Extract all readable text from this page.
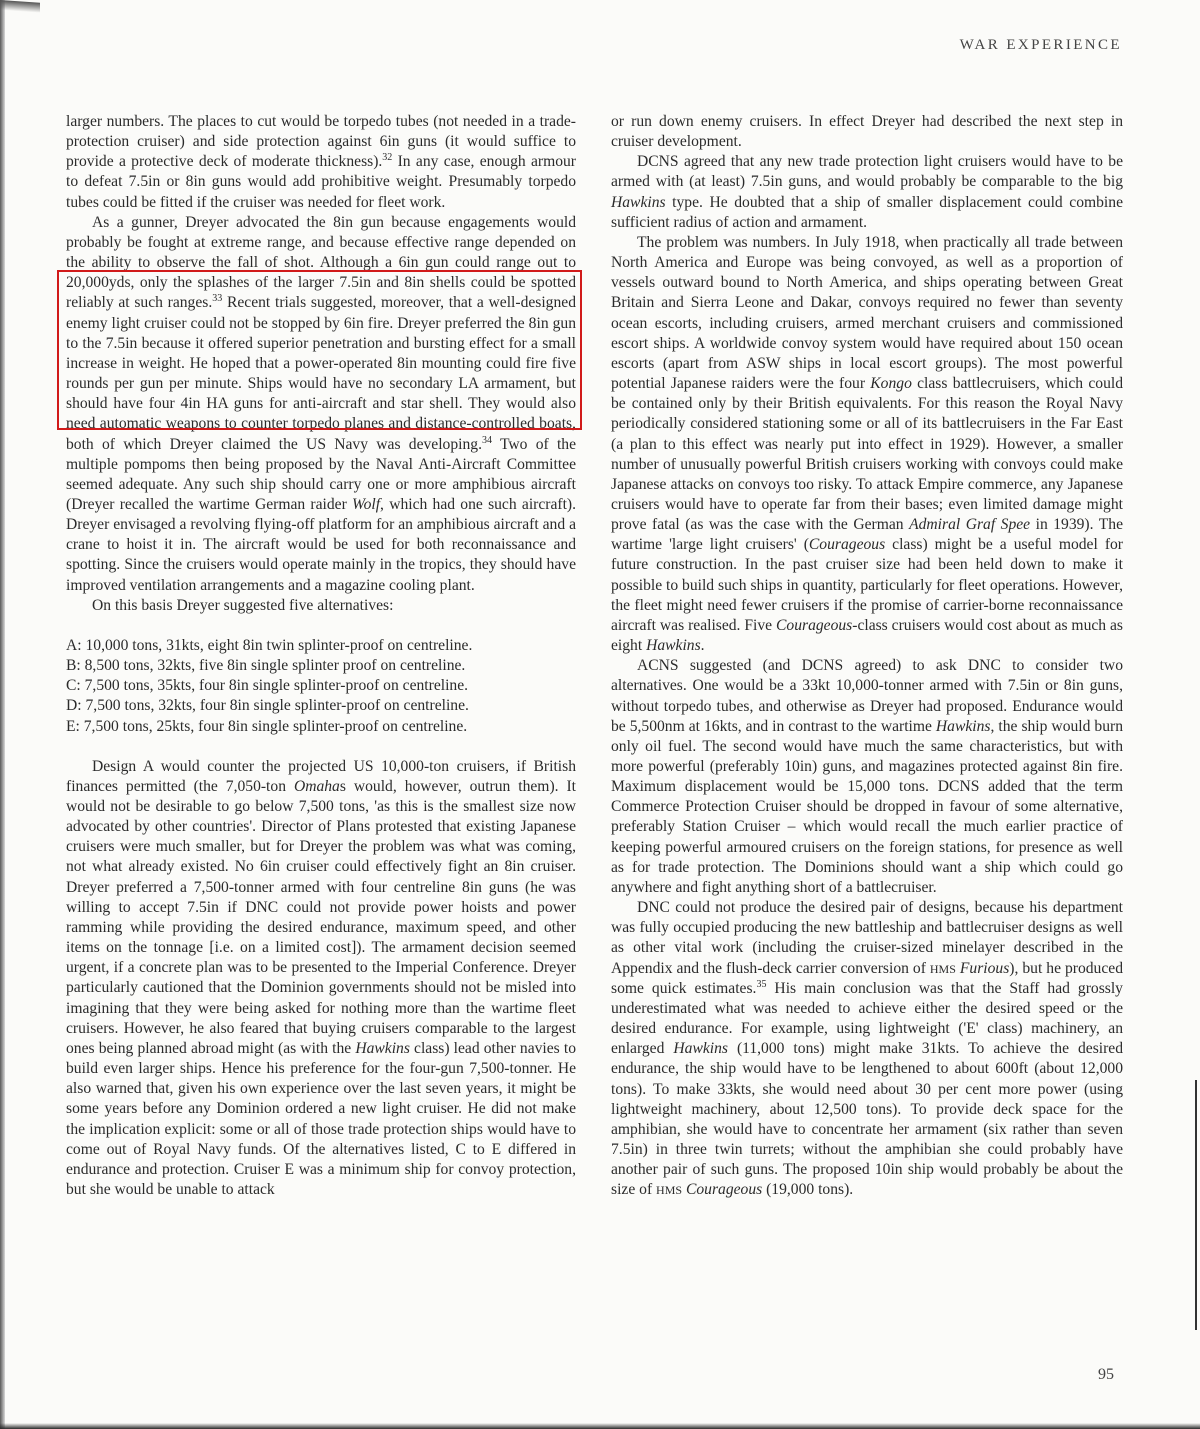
WAR EXPERIENCE

larger numbers. The places to cut would be torpedo tubes (not needed in a trade-protection cruiser) and side protection against 6in guns (it would suffice to provide a protective deck of moderate thickness).$^{32}$ In any case, enough armour to defeat 7.5in or 8in guns would add prohibitive weight. Presumably torpedo tubes could be fitted if the cruiser was needed for fleet work.

As a gunner, Dreyer advocated the 8in gun because engagements would probably be fought at extreme range, and because effective range depended on the ability to observe the fall of shot. Although a 6in gun could range out to 20,000yds, only the splashes of the larger 7.5in and 8in shells could be spotted reliably at such ranges.$^{33}$ Recent trials suggested, moreover, that a well-designed enemy light cruiser could not be stopped by 6in fire. Dreyer preferred the 8in gun to the 7.5in because it offered superior penetration and bursting effect for a small increase in weight. He hoped that a power-operated 8in mounting could fire five rounds per gun per minute. Ships would have no secondary LA armament, but should have four 4in HA guns for anti-aircraft and star shell. They would also need automatic weapons to counter torpedo planes and distance-controlled boats, both of which Dreyer claimed the US Navy was developing.$^{34}$ Two of the multiple pompoms then being proposed by the Naval Anti-Aircraft Committee seemed adequate. Any such ship should carry one or more amphibious aircraft (Dreyer recalled the wartime German raider Wolf, which had one such aircraft). Dreyer envisaged a revolving flying-off platform for an amphibious aircraft and a crane to hoist it in. The aircraft would be used for both reconnaissance and spotting. Since the cruisers would operate mainly in the tropics, they should have improved ventilation arrangements and a magazine cooling plant.

On this basis Dreyer suggested five alternatives:

A: 10,000 tons, 31kts, eight 8in twin splinter-proof on centreline.
B: 8,500 tons, 32kts, five 8in single splinter proof on centreline.
C: 7,500 tons, 35kts, four 8in single splinter-proof on centreline.
D: 7,500 tons, 32kts, four 8in single splinter-proof on centreline.
E: 7,500 tons, 25kts, four 8in single splinter-proof on centreline.

Design A would counter the projected US 10,000-ton cruisers, if British finances permitted (the 7,050-ton Omahas would, however, outrun them). It would not be desirable to go below 7,500 tons, 'as this is the smallest size now advocated by other countries'. Director of Plans protested that existing Japanese cruisers were much smaller, but for Dreyer the problem was what was coming, not what already existed. No 6in cruiser could effectively fight an 8in cruiser. Dreyer preferred a 7,500-tonner armed with four centreline 8in guns (he was willing to accept 7.5in if DNC could not provide power hoists and power ramming while providing the desired endurance, maximum speed, and other items on the tonnage [i.e. on a limited cost]). The armament decision seemed urgent, if a concrete plan was to be presented to the Imperial Conference. Dreyer particularly cautioned that the Dominion governments should not be misled into imagining that they were being asked for nothing more than the wartime fleet cruisers. However, he also feared that buying cruisers comparable to the largest ones being planned abroad might (as with the Hawkins class) lead other navies to build even larger ships. Hence his preference for the four-gun 7,500-tonner. He also warned that, given his own experience over the last seven years, it might be some years before any Dominion ordered a new light cruiser. He did not make the implication explicit: some or all of those trade protection ships would have to come out of Royal Navy funds. Of the alternatives listed, C to E differed in endurance and protection. Cruiser E was a minimum ship for convoy protection, but she would be unable to attack

or run down enemy cruisers. In effect Dreyer had described the next step in cruiser development.

DCNS agreed that any new trade protection light cruisers would have to be armed with (at least) 7.5in guns, and would probably be comparable to the big Hawkins type. He doubted that a ship of smaller displacement could combine sufficient radius of action and armament.

The problem was numbers. In July 1918, when practically all trade between North America and Europe was being convoyed, as well as a proportion of vessels outward bound to North America, and ships operating between Great Britain and Sierra Leone and Dakar, convoys required no fewer than seventy ocean escorts, including cruisers, armed merchant cruisers and commissioned escort ships. A worldwide convoy system would have required about 150 ocean escorts (apart from ASW ships in local escort groups). The most powerful potential Japanese raiders were the four Kongo class battlecruisers, which could be contained only by their British equivalents. For this reason the Royal Navy periodically considered stationing some or all of its battlecruisers in the Far East (a plan to this effect was nearly put into effect in 1929). However, a smaller number of unusually powerful British cruisers working with convoys could make Japanese attacks on convoys too risky. To attack Empire commerce, any Japanese cruisers would have to operate far from their bases; even limited damage might prove fatal (as was the case with the German Admiral Graf Spee in 1939). The wartime 'large light cruisers' (Courageous class) might be a useful model for future construction. In the past cruiser size had been held down to make it possible to build such ships in quantity, particularly for fleet operations. However, the fleet might need fewer cruisers if the promise of carrier-borne reconnaissance aircraft was realised. Five Courageous-class cruisers would cost about as much as eight Hawkins.

ACNS suggested (and DCNS agreed) to ask DNC to consider two alternatives. One would be a 33kt 10,000-tonner armed with 7.5in or 8in guns, without torpedo tubes, and otherwise as Dreyer had proposed. Endurance would be 5,500nm at 16kts, and in contrast to the wartime Hawkins, the ship would burn only oil fuel. The second would have much the same characteristics, but with more powerful (preferably 10in) guns, and magazines protected against 8in fire. Maximum displacement would be 15,000 tons. DCNS added that the term Commerce Protection Cruiser should be dropped in favour of some alternative, preferably Station Cruiser – which would recall the much earlier practice of keeping powerful armoured cruisers on the foreign stations, for presence as well as for trade protection. The Dominions should want a ship which could go anywhere and fight anything short of a battlecruiser.

DNC could not produce the desired pair of designs, because his department was fully occupied producing the new battleship and battlecruiser designs as well as other vital work (including the cruiser-sized minelayer described in the Appendix and the flush-deck carrier conversion of HMS Furious), but he produced some quick estimates.$^{35}$ His main conclusion was that the Staff had grossly underestimated what was needed to achieve either the desired speed or the desired endurance. For example, using lightweight ('E' class) machinery, an enlarged Hawkins (11,000 tons) might make 31kts. To achieve the desired endurance, the ship would have to be lengthened to about 600ft (about 12,000 tons). To make 33kts, she would need about 30 per cent more power (using lightweight machinery, about 12,500 tons). To provide deck space for the amphibian, she would have to concentrate her armament (six rather than seven 7.5in) in three twin turrets; without the amphibian she could probably have another pair of such guns. The proposed 10in ship would probably be about the size of HMS Courageous (19,000 tons).

95
